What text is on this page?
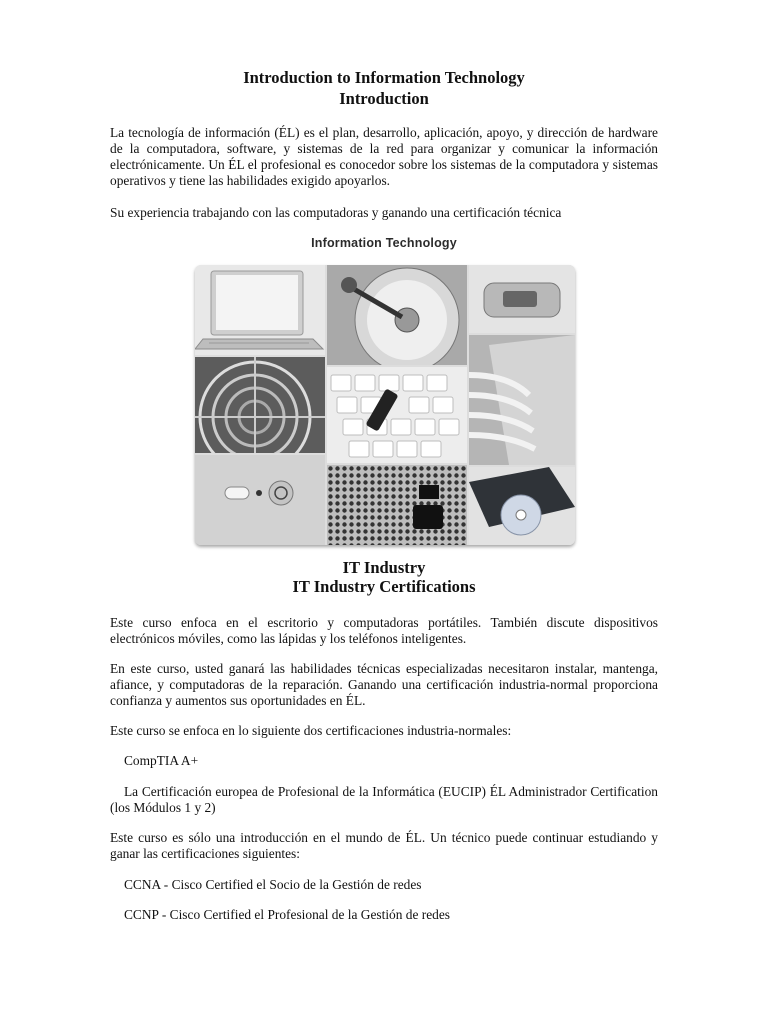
Introduction to Information Technology
Introduction

La tecnología de información (ÉL) es el plan, desarrollo, aplicación, apoyo, y dirección de hardware de la computadora, software, y sistemas de la red para organizar y comunicar la información electrónicamente. Un ÉL el profesional es conocedor sobre los sistemas de la computadora y sistemas operativos y tiene las habilidades exigido apoyarlos.

Su experiencia trabajando con las computadoras y ganando una certificación técnica

Information Technology
IT Industry
IT Industry Certifications

Este curso enfoca en el escritorio y computadoras portátiles. También discute dispositivos electrónicos móviles, como las lápidas y los teléfonos inteligentes.

En este curso, usted ganará las habilidades técnicas especializadas necesitaron instalar, mantenga, afiance, y computadoras de la reparación. Ganando una certificación industria-normal proporciona confianza y aumentos sus oportunidades en ÉL.

Este curso se enfoca en lo siguiente dos certificaciones industria-normales:

CompTIA A+

La Certificación europea de Profesional de la Informática (EUCIP) ÉL Administrador Certification (los Módulos 1 y 2)

Este curso es sólo una introducción en el mundo de ÉL. Un técnico puede continuar estudiando y ganar las certificaciones siguientes:

CCNA - Cisco Certified el Socio de la Gestión de redes

CCNP - Cisco Certified el Profesional de la Gestión de redes
